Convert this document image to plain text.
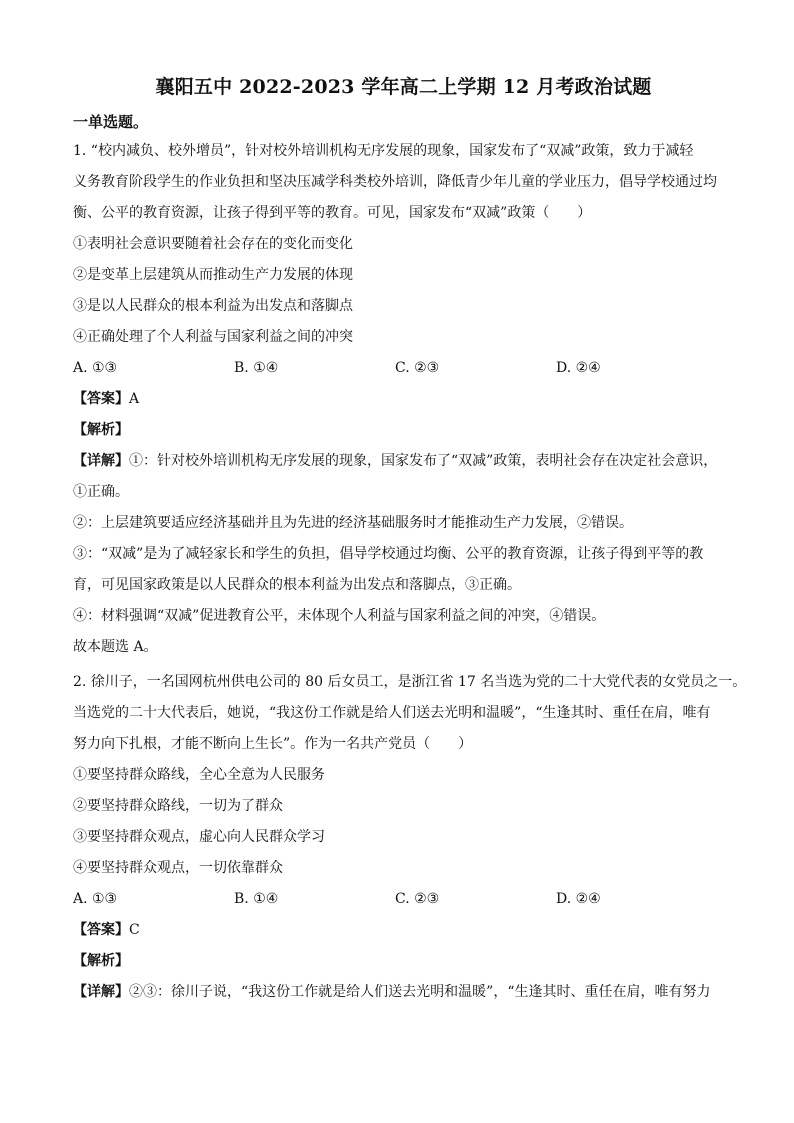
襄阳五中 2022-2023 学年高二上学期 12 月考政治试题
一单选题。
1. “校内减负、校外增员”，针对校外培训机构无序发展的现象，国家发布了“双减”政策，致力于减轻
义务教育阶段学生的作业负担和坚决压减学科类校外培训，降低青少年儿童的学业压力，倡导学校通过均
衡、公平的教育资源，让孩子得到平等的教育。可见，国家发布“双减”政策（　　）
①表明社会意识要随着社会存在的变化而变化
②是变革上层建筑从而推动生产力发展的体现
③是以人民群众的根本利益为出发点和落脚点
④正确处理了个人利益与国家利益之间的冲突
A. ①③	B. ①④	C. ②③	D. ②④
【答案】A
【解析】
【详解】①：针对校外培训机构无序发展的现象，国家发布了“双减”政策，表明社会存在决定社会意识，
①正确。
②：上层建筑要适应经济基础并且为先进的经济基础服务时才能推动生产力发展，②错误。
③：“双减”是为了减轻家长和学生的负担，倡导学校通过均衡、公平的教育资源，让孩子得到平等的教
育，可见国家政策是以人民群众的根本利益为出发点和落脚点，③正确。
④：材料强调“双减”促进教育公平，未体现个人利益与国家利益之间的冲突，④错误。
故本题选 A。
2. 徐川子，一名国网杭州供电公司的 80 后女员工，是浙江省 17 名当选为党的二十大党代表的女党员之一。
当选党的二十大代表后，她说，“我这份工作就是给人们送去光明和温暖”，“生逢其时、重任在肩，唯有
努力向下扎根，才能不断向上生长”。作为一名共产党员（　　）
①要坚持群众路线，全心全意为人民服务
②要坚持群众路线，一切为了群众
③要坚持群众观点，虚心向人民群众学习
④要坚持群众观点，一切依靠群众
A. ①③	B. ①④	C. ②③	D. ②④
【答案】C
【解析】
【详解】②③：徐川子说，“我这份工作就是给人们送去光明和温暖”，“生逢其时、重任在肩，唯有努力
